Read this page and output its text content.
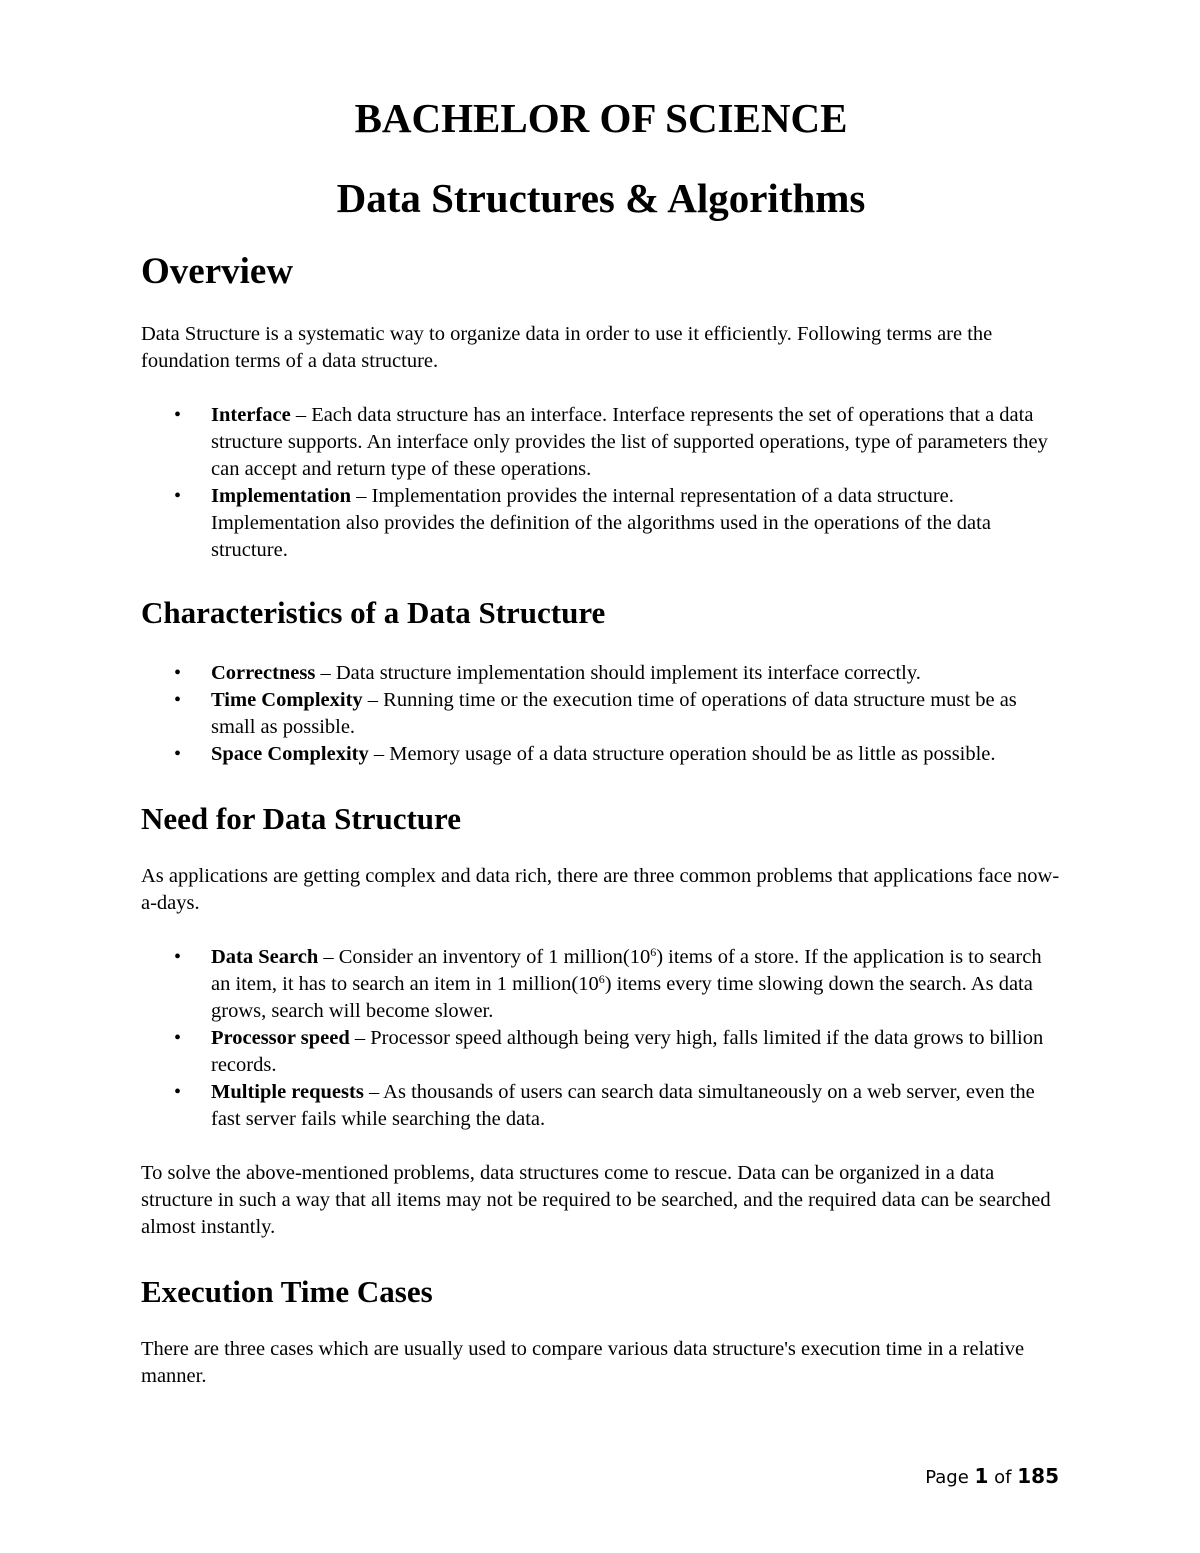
BACHELOR OF SCIENCE
Data Structures & Algorithms
Overview

Data Structure is a systematic way to organize data in order to use it efficiently. Following terms are the foundation terms of a data structure.

• Interface – Each data structure has an interface. Interface represents the set of operations that a data structure supports. An interface only provides the list of supported operations, type of parameters they can accept and return type of these operations.
• Implementation – Implementation provides the internal representation of a data structure. Implementation also provides the definition of the algorithms used in the operations of the data structure.
Characteristics of a Data Structure
• Correctness – Data structure implementation should implement its interface correctly.
• Time Complexity – Running time or the execution time of operations of data structure must be as small as possible.
• Space Complexity – Memory usage of a data structure operation should be as little as possible.
Need for Data Structure

As applications are getting complex and data rich, there are three common problems that applications face now-a-days.

• Data Search – Consider an inventory of 1 $million(10^6)$ items of a store. If the application is to search an item, it has to search an item in 1 $million(10^6)$ items every time slowing down the search. As data grows, search will become slower.
• Processor speed – Processor speed although being very high, falls limited if the data grows to billion records.
• Multiple requests – As thousands of users can search data simultaneously on a web server, even the fast server fails while searching the data.

To solve the above-mentioned problems, data structures come to rescue. Data can be organized in a data structure in such a way that all items may not be required to be searched, and the required data can be searched almost instantly.

Execution Time Cases

There are three cases which are usually used to compare various data structure's execution time in a relative manner.

Page 1 of 185
